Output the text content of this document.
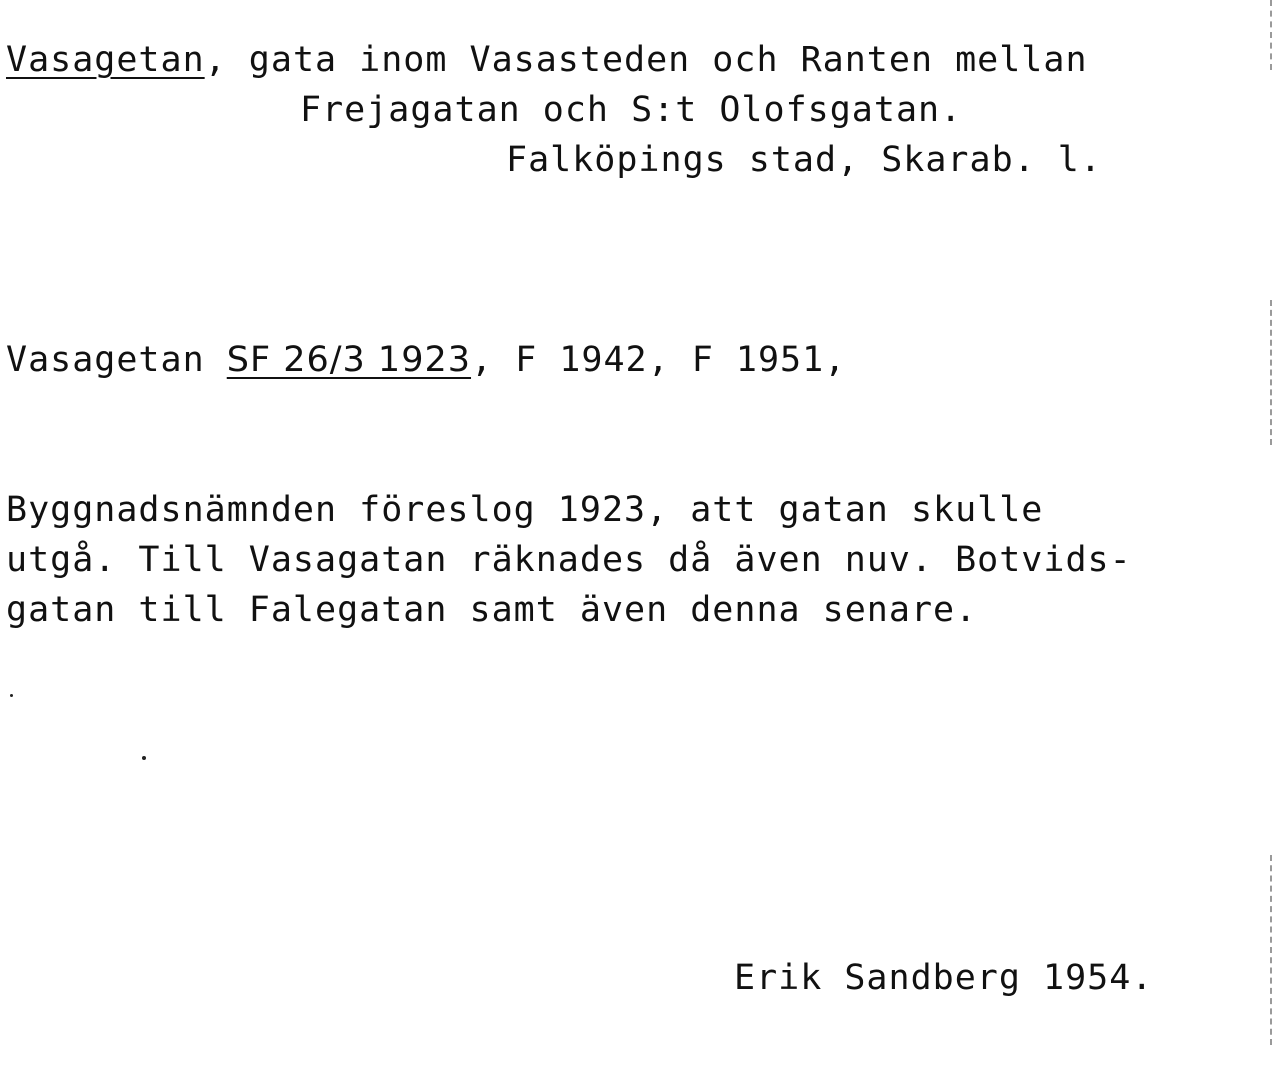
Vasagetan, gata inom Vasasteden och Ranten mellan
Frejagatan och S:t Olofsgatan.
Falköpings stad, Skarab. l.
Vasagetan SF 26/3 1923, F 1942, F 1951,
Byggnadsnämnden föreslog 1923, att gatan skulle
utgå. Till Vasagatan räknades då även nuv. Botvids-
gatan till Falegatan samt även denna senare.
Erik Sandberg 1954.
